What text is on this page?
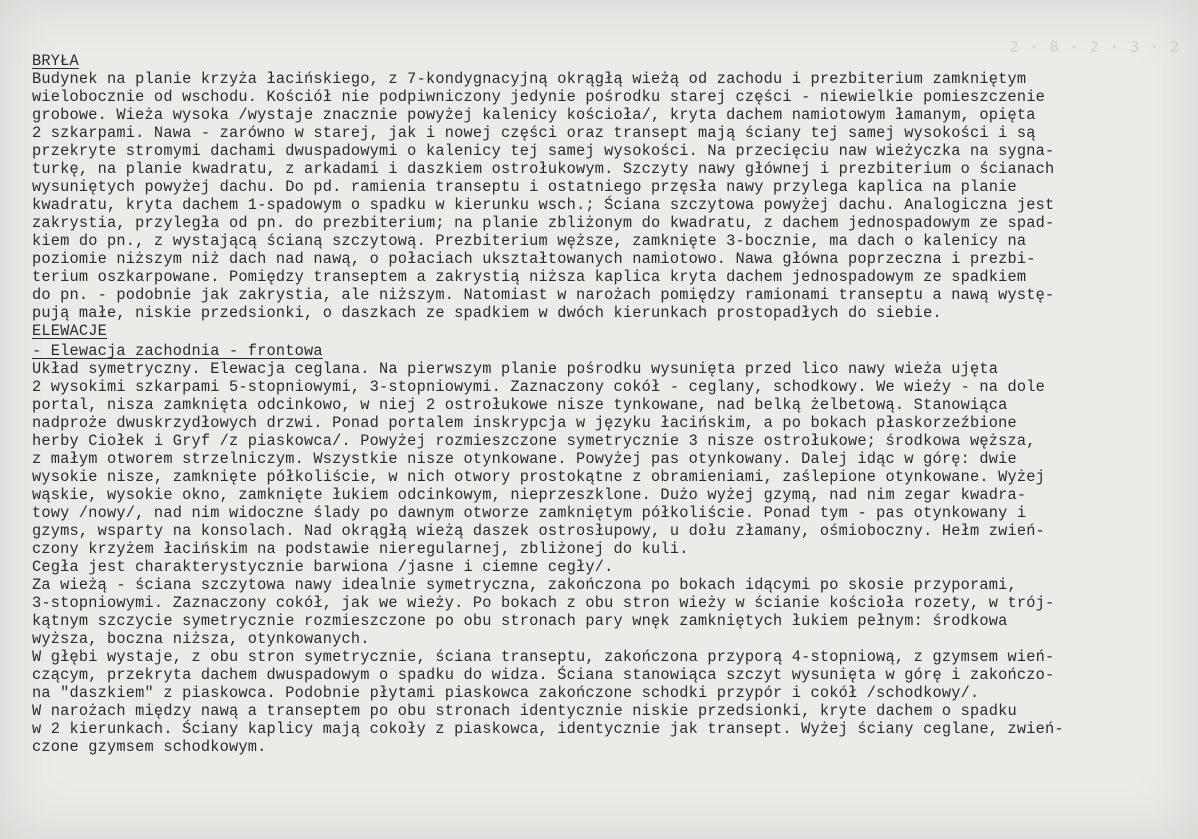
2 · 8 · 2 · 3 · 2
BRYŁA
Budynek na planie krzyża łacińskiego, z 7-kondygnacyjną okrągłą wieżą od zachodu i prezbiterium zamkniętym
wielobocznie od wschodu. Kościół nie podpiwniczony jedynie pośrodku starej części - niewielkie pomieszczenie
grobowe. Wieża wysoka /wystaje znacznie powyżej kalenicy kościoła/, kryta dachem namiotowym łamanym, opięta
2 szkarpami. Nawa - zarówno w starej, jak i nowej części oraz transept mają ściany tej samej wysokości i są
przekryte stromymi dachami dwuspadowymi o kalenicy tej samej wysokości. Na przecięciu naw wieżyczka na sygna-
turkę, na planie kwadratu, z arkadami i daszkiem ostrołukowym. Szczyty nawy głównej i prezbiterium o ścianach
wysuniętych powyżej dachu. Do pd. ramienia transeptu i ostatniego przęsła nawy przylega kaplica na planie
kwadratu, kryta dachem 1-spadowym o spadku w kierunku wsch.; Ściana szczytowa powyżej dachu. Analogiczna jest
zakrystia, przyległa od pn. do prezbiterium; na planie zbliżonym do kwadratu, z dachem jednospadowym ze spad-
kiem do pn., z wystającą ścianą szczytową. Prezbiterium węższe, zamknięte 3-bocznie, ma dach o kalenicy na
poziomie niższym niż dach nad nawą, o połaciach ukształtowanych namiotowo. Nawa główna poprzeczna i prezbi-
terium oszkarpowane. Pomiędzy transeptem a zakrystią niższa kaplica kryta dachem jednospadowym ze spadkiem
do pn. - podobnie jak zakrystia, ale niższym. Natomiast w narożach pomiędzy ramionami transeptu a nawą wystę-
pują małe, niskie przedsionki, o daszkach ze spadkiem w dwóch kierunkach prostopadłych do siebie.
ELEWACJE
- Elewacja zachodnia - frontowa
Układ symetryczny. Elewacja ceglana. Na pierwszym planie pośrodku wysunięta przed lico nawy wieża ujęta
2 wysokimi szkarpami 5-stopniowymi, 3-stopniowymi. Zaznaczony cokół - ceglany, schodkowy. We wieży - na dole
portal, nisza zamknięta odcinkowo, w niej 2 ostrołukowe nisze tynkowane, nad belką żelbetową. Stanowiąca
nadproże dwuskrzydłowych drzwi. Ponad portalem inskrypcja w języku łacińskim, a po bokach płaskorzeźbione
herby Ciołek i Gryf /z piaskowca/. Powyżej rozmieszczone symetrycznie 3 nisze ostrołukowe; środkowa węższa,
z małym otworem strzelniczym. Wszystkie nisze otynkowane. Powyżej pas otynkowany. Dalej idąc w górę: dwie
wysokie nisze, zamknięte półkoliście, w nich otwory prostokątne z obramieniami, zaślepione otynkowane. Wyżej
wąskie, wysokie okno, zamknięte łukiem odcinkowym, nieprzeszklone. Dużo wyżej gzymą, nad nim zegar kwadra-
towy /nowy/, nad nim widoczne ślady po dawnym otworze zamkniętym półkoliście. Ponad tym - pas otynkowany i
gzyms, wsparty na konsolach. Nad okrągłą wieżą daszek ostrosłupowy, u dołu złamany, ośmioboczny. Hełm zwień-
czony krzyżem łacińskim na podstawie nieregularnej, zbliżonej do kuli.
Cegła jest charakterystycznie barwiona /jasne i ciemne cegły/.
Za wieżą - ściana szczytowa nawy idealnie symetryczna, zakończona po bokach idącymi po skosie przyporami,
3-stopniowymi. Zaznaczony cokół, jak we wieży. Po bokach z obu stron wieży w ścianie kościoła rozety, w trój-
kątnym szczycie symetrycznie rozmieszczone po obu stronach pary wnęk zamkniętych łukiem pełnym: środkowa
wyższa, boczna niższa, otynkowanych.
W głębi wystaje, z obu stron symetrycznie, ściana transeptu, zakończona przyporą 4-stopniową, z gzymsem wień-
czącym, przekryta dachem dwuspadowym o spadku do widza. Ściana stanowiąca szczyt wysunięta w górę i zakończo-
na "daszkiem" z piaskowca. Podobnie płytami piaskowca zakończone schodki przypór i cokół /schodkowy/.
W narożach między nawą a transeptem po obu stronach identycznie niskie przedsionki, kryte dachem o spadku
w 2 kierunkach. Ściany kaplicy mają cokoły z piaskowca, identycznie jak transept. Wyżej ściany ceglane, zwień-
czone gzymsem schodkowym.
